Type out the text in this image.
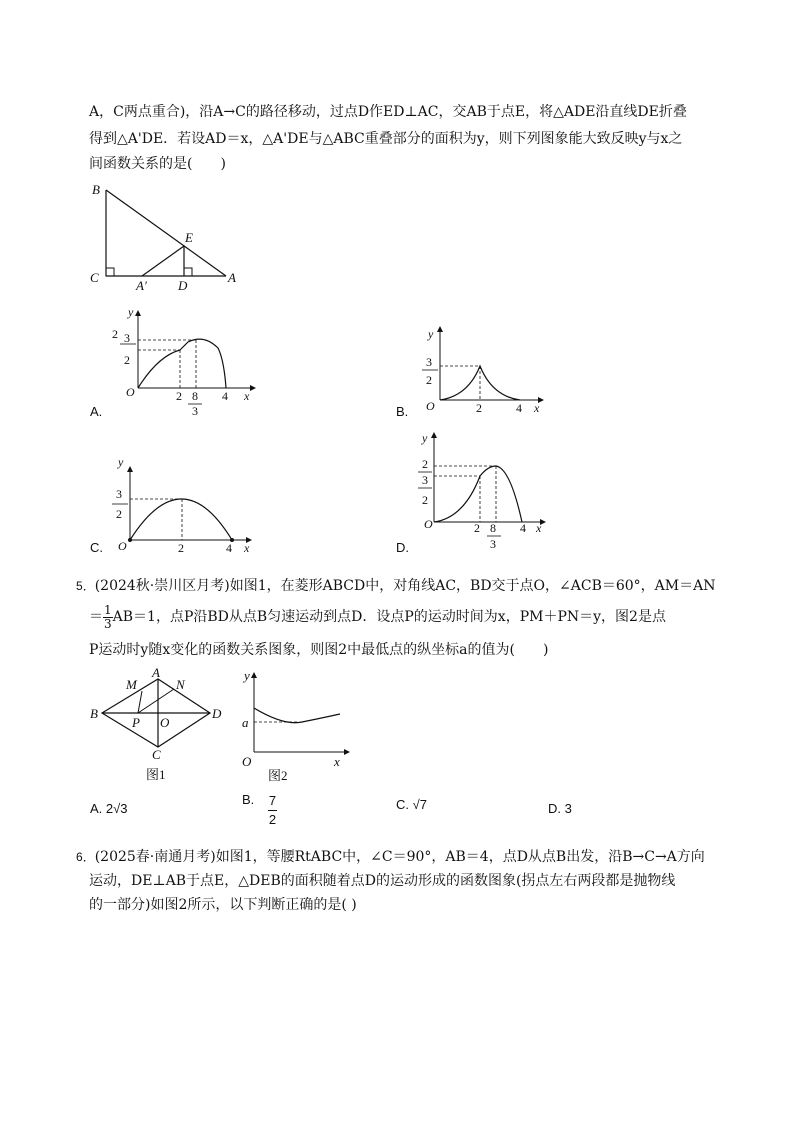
A，C两点重合)，沿A→C的路径移动，过点D作ED⊥AC，交AB于点E，将△ADE沿直线DE折叠
得到△A'DE．若设AD＝x，△A'DE与△ABC重叠部分的面积为y，则下列图象能大致反映y与x之
间函数关系的是(　　)
B
E
C
A′ D
A
y
2 3
2
O	2 8
3
4 x
A.
y
3
2
O	2	4 x
B.
y
3
2
O	2	4 x
C.
y
2
3
2
O	2 8
3
4 x
D.
5．(2024秋·崇川区月考)如图1，在菱形ABCD中，对角线AC，BD交于点O，∠ACB＝60°，AM＝AN
＝ $\frac{1}{3} AB=1$，点P沿BD从点B匀速运动到点D．设点P的运动时间为x，PM＋PN＝y，图2是点
P运动时y随x变化的函数关系图象，则图2中最低点的纵坐标a的值为(　　)
M
A
N
B
P O
D
C
图1
y
a
O	x
图2
A. 2√3
B. $\frac{7}{2}$	C. √7	D. 3
6．(2025春·南通月考)如图1，等腰RtABC中，∠C＝90°，AB＝4，点D从点B出发，沿B→C→A方向
运动，DE⊥AB于点E，△DEB的面积随着点D的运动形成的函数图象(拐点左右两段都是抛物线
的一部分)如图2所示，以下判断正确的是( )
